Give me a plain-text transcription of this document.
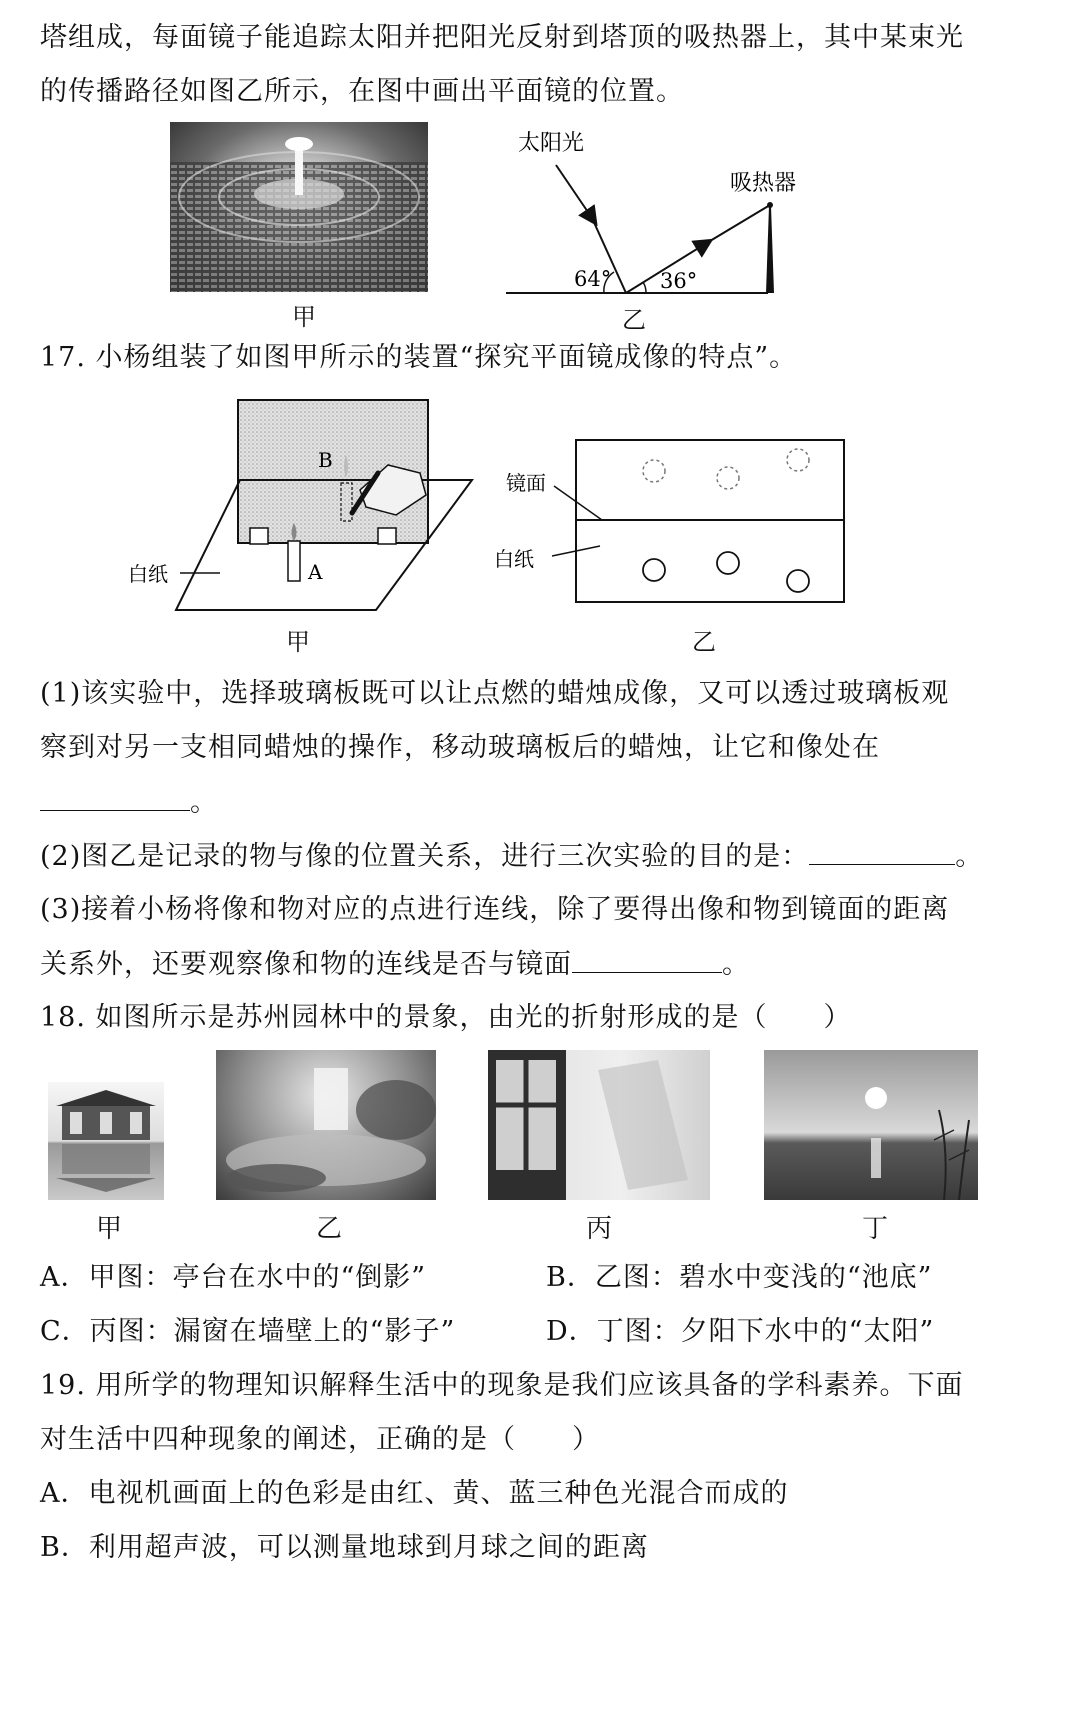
塔组成，每面镜子能追踪太阳并把阳光反射到塔顶的吸热器上，其中某束光
的传播路径如图乙所示，在图中画出平面镜的位置。
甲
太阳光
吸热器
64° 36°
乙
17. 小杨组装了如图甲所示的装置“探究平面镜成像的特点”。
B
A
白纸
甲
镜面
白纸
乙
(1)该实验中，选择玻璃板既可以让点燃的蜡烛成像，又可以透过玻璃板观
察到对另一支相同蜡烛的操作，移动玻璃板后的蜡烛，让它和像处在
。
(2)图乙是记录的物与像的位置关系，进行三次实验的目的是：	。
(3)接着小杨将像和物对应的点进行连线，除了要得出像和物到镜面的距离
关系外，还要观察像和物的连线是否与镜面	。
18. 如图所示是苏州园林中的景象，由光的折射形成的是（　　）
甲	乙	丙	丁
A．甲图：亭台在水中的“倒影”	B．乙图：碧水中变浅的“池底”
C．丙图：漏窗在墙壁上的“影子”	D．丁图：夕阳下水中的“太阳”
19. 用所学的物理知识解释生活中的现象是我们应该具备的学科素养。下面
对生活中四种现象的阐述，正确的是（　　）
A．电视机画面上的色彩是由红、黄、蓝三种色光混合而成的
B．利用超声波，可以测量地球到月球之间的距离
